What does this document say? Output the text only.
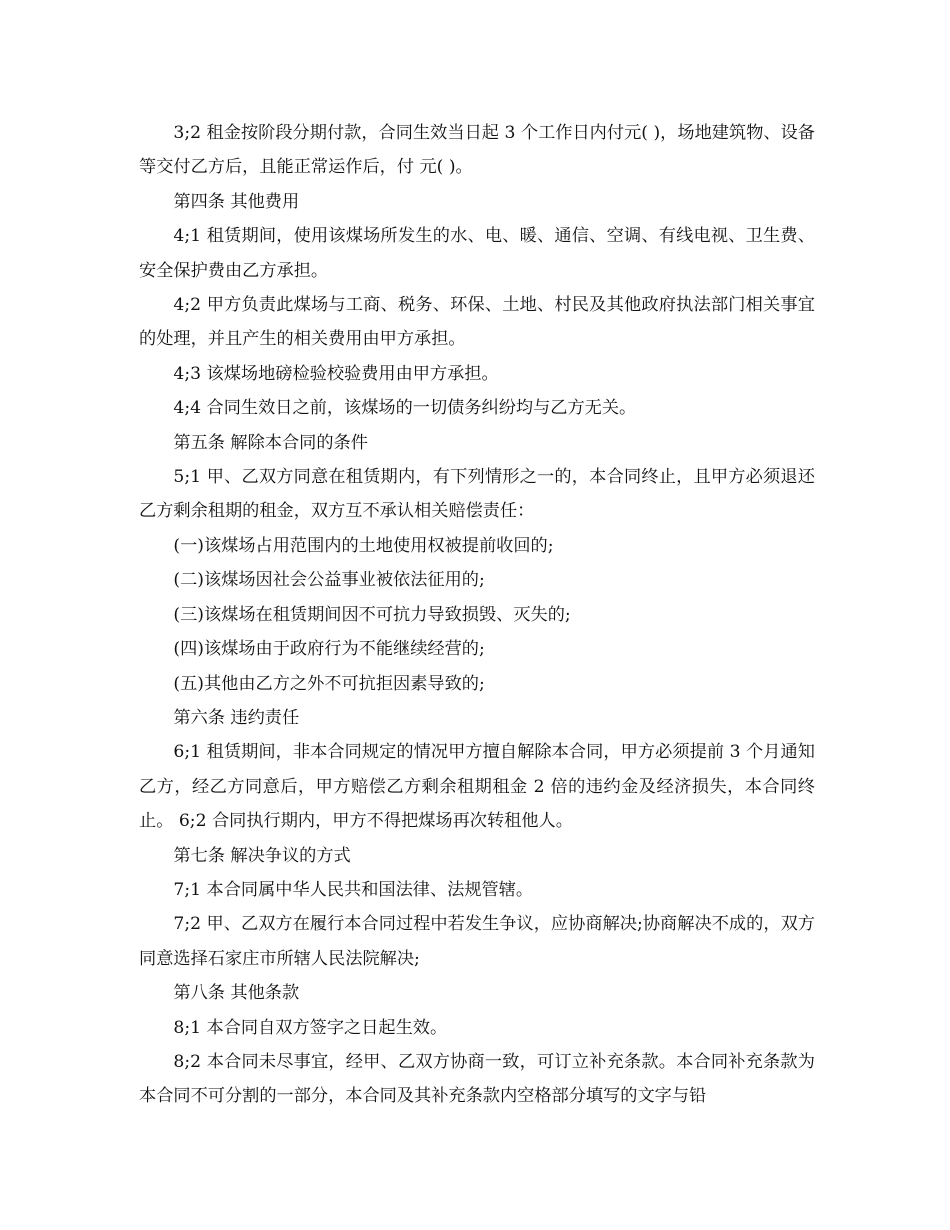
3;2 租金按阶段分期付款，合同生效当日起 3 个工作日内付元( )，场地建筑物、设备等交付乙方后，且能正常运作后，付 元( )。

第四条 其他费用

4;1 租赁期间，使用该煤场所发生的水、电、暖、通信、空调、有线电视、卫生费、安全保护费由乙方承担。

4;2 甲方负责此煤场与工商、税务、环保、土地、村民及其他政府执法部门相关事宜的处理，并且产生的相关费用由甲方承担。

4;3 该煤场地磅检验校验费用由甲方承担。

4;4 合同生效日之前，该煤场的一切债务纠纷均与乙方无关。

第五条 解除本合同的条件

5;1 甲、乙双方同意在租赁期内，有下列情形之一的，本合同终止，且甲方必须退还乙方剩余租期的租金，双方互不承认相关赔偿责任：

(一)该煤场占用范围内的土地使用权被提前收回的;

(二)该煤场因社会公益事业被依法征用的;

(三)该煤场在租赁期间因不可抗力导致损毁、灭失的;

(四)该煤场由于政府行为不能继续经营的;

(五)其他由乙方之外不可抗拒因素导致的;

第六条 违约责任

6;1 租赁期间，非本合同规定的情况甲方擅自解除本合同，甲方必须提前 3 个月通知乙方，经乙方同意后，甲方赔偿乙方剩余租期租金 2 倍的违约金及经济损失，本合同终止。 6;2 合同执行期内，甲方不得把煤场再次转租他人。

第七条 解决争议的方式

7;1 本合同属中华人民共和国法律、法规管辖。

7;2 甲、乙双方在履行本合同过程中若发生争议，应协商解决;协商解决不成的，双方同意选择石家庄市所辖人民法院解决;

第八条 其他条款

8;1 本合同自双方签字之日起生效。

8;2 本合同未尽事宜，经甲、乙双方协商一致，可订立补充条款。本合同补充条款为本合同不可分割的一部分，本合同及其补充条款内空格部分填写的文字与铅
